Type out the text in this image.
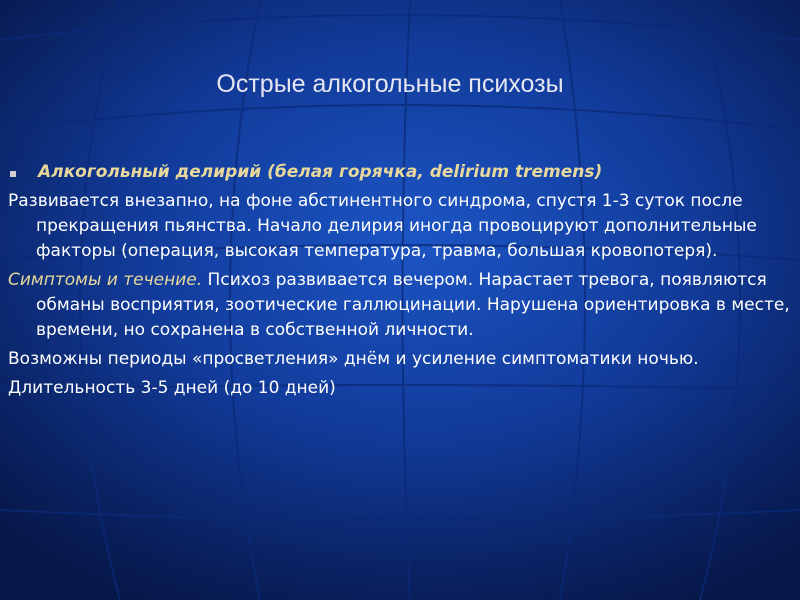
Острые алкогольные психозы
Алкогольный делирий (белая горячка, delirium tremens)

Развивается внезапно, на фоне абстинентного синдрома, спустя 1-3 суток после прекращения пьянства. Начало делирия иногда провоцируют дополнительные факторы (операция, высокая температура, травма, большая кровопотеря).

Симптомы и течение. Психоз развивается вечером. Нарастает тревога, появляются обманы восприятия, зоотические галлюцинации. Нарушена ориентировка в месте, времени, но сохранена в собственной личности.

Возможны периоды «просветления» днём и усиление симптоматики ночью.

Длительность 3-5 дней (до 10 дней)
